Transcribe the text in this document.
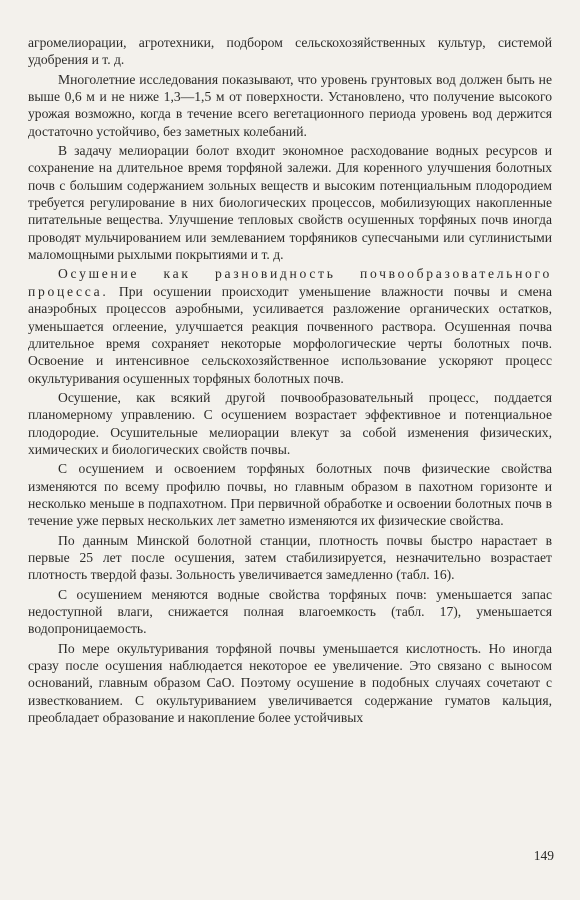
агромелиорации, агротехники, подбором сельскохозяйственных культур, системой удобрения и т. д.

Многолетние исследования показывают, что уровень грунтовых вод должен быть не выше 0,6 м и не ниже 1,3—1,5 м от поверхности. Установлено, что получение высокого урожая возможно, когда в течение всего вегетационного периода уровень вод держится достаточно устойчиво, без заметных колебаний.

В задачу мелиорации болот входит экономное расходование водных ресурсов и сохранение на длительное время торфяной залежи. Для коренного улучшения болотных почв с большим содержанием зольных веществ и высоким потенциальным плодородием требуется регулирование в них биологических процессов, мобилизующих накопленные питательные вещества. Улучшение тепловых свойств осушенных торфяных почв иногда проводят мульчированием или землеванием торфяников супесчаными или суглинистыми маломощными рыхлыми покрытиями и т. д.

Осушение как разновидность почвообразовательного процесса. При осушении происходит уменьшение влажности почвы и смена анаэробных процессов аэробными, усиливается разложение органических остатков, уменьшается оглеение, улучшается реакция почвенного раствора. Осушенная почва длительное время сохраняет некоторые морфологические черты болотных почв. Освоение и интенсивное сельскохозяйственное использование ускоряют процесс окультуривания осушенных торфяных болотных почв.

Осушение, как всякий другой почвообразовательный процесс, поддается планомерному управлению. С осушением возрастает эффективное и потенциальное плодородие. Осушительные мелиорации влекут за собой изменения физических, химических и биологических свойств почвы.

С осушением и освоением торфяных болотных почв физические свойства изменяются по всему профилю почвы, но главным образом в пахотном горизонте и несколько меньше в подпахотном. При первичной обработке и освоении болотных почв в течение уже первых нескольких лет заметно изменяются их физические свойства.

По данным Минской болотной станции, плотность почвы быстро нарастает в первые 25 лет после осушения, затем стабилизируется, незначительно возрастает плотность твердой фазы. Зольность увеличивается замедленно (табл. 16).

С осушением меняются водные свойства торфяных почв: уменьшается запас недоступной влаги, снижается полная влагоемкость (табл. 17), уменьшается водопроницаемость.

По мере окультуривания торфяной почвы уменьшается кислотность. Но иногда сразу после осушения наблюдается некоторое ее увеличение. Это связано с выносом оснований, главным образом CaO. Поэтому осушение в подобных случаях сочетают с известкованием. С окультуриванием увеличивается содержание гуматов кальция, преобладает образование и накопление более устойчивых

149
